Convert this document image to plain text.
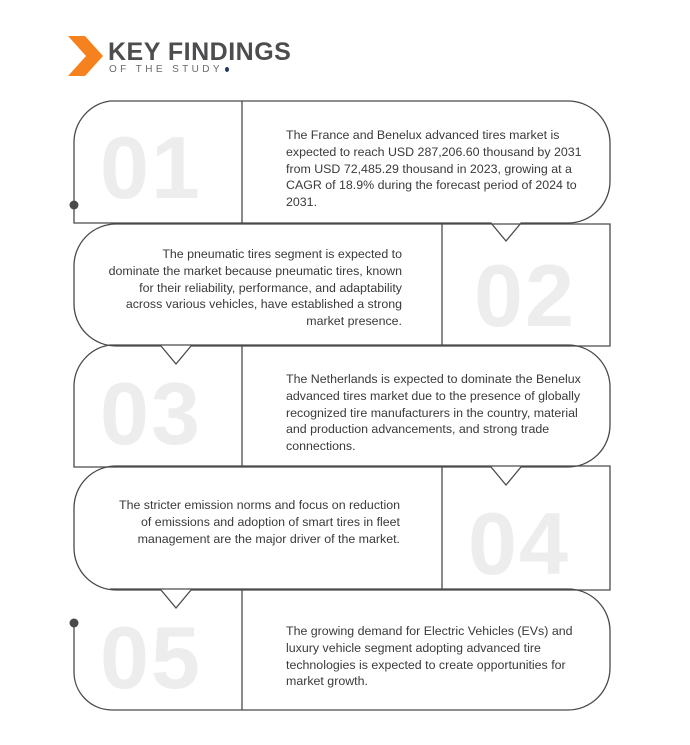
KEY FINDINGS
OF THE STUDY
01	The France and Benelux advanced tires market is expected to reach USD 287,206.60 thousand by 2031 from USD 72,485.29 thousand in 2023, growing at a CAGR of 18.9% during the forecast period of 2024 to 2031.
02
The pneumatic tires segment is expected to dominate the market because pneumatic tires, known for their reliability, performance, and adaptability across various vehicles, have established a strong market presence.
03	The Netherlands is expected to dominate the Benelux advanced tires market due to the presence of globally recognized tire manufacturers in the country, material and production advancements, and strong trade connections.
04
The stricter emission norms and focus on reduction of emissions and adoption of smart tires in fleet management are the major driver of the market.
05	The growing demand for Electric Vehicles (EVs) and luxury vehicle segment adopting advanced tire technologies is expected to create opportunities for market growth.
